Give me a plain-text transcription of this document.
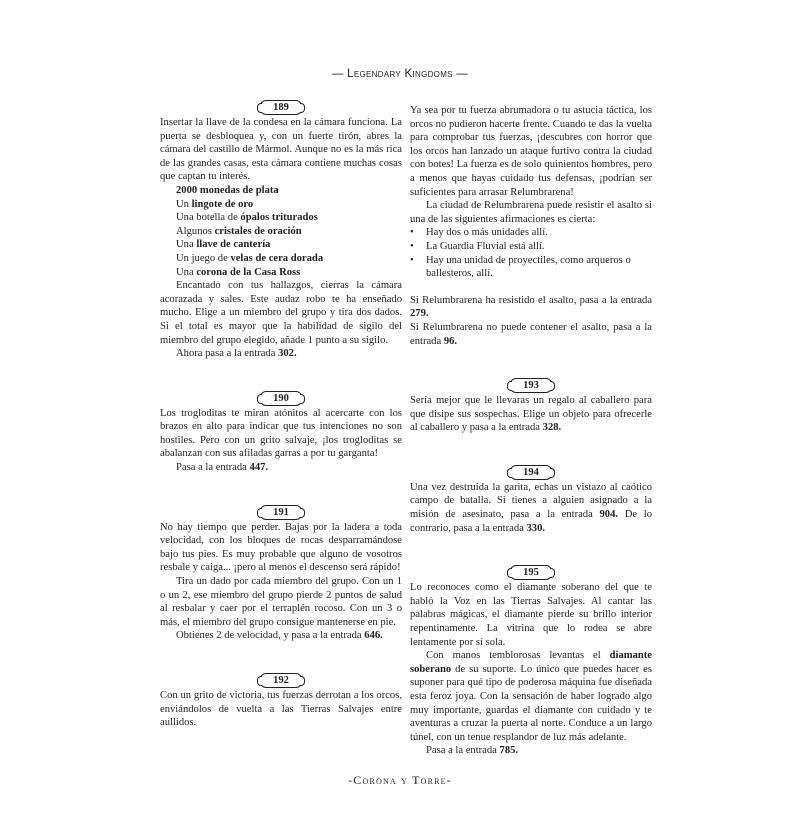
— Legendary Kingdoms —
189

Insertar la llave de la condesa en la cámara funciona. La puerta se desbloquea y, con un fuerte tirón, abres la cámara del castillo de Mármol. Aunque no es la más rica de las grandes casas, esta cámara contiene muchas cosas que captan tu interés.

2000 monedas de plata

Un lingote de oro

Una botella de ópalos triturados

Algunos cristales de oración

Una llave de cantería

Un juego de velas de cera dorada

Una corona de la Casa Ross

Encantado con tus hallazgos, cierras la cámara acorazada y sales. Este audaz robo te ha enseñado mucho. Elige a un miembro del grupo y tira dos dados. Si el total es mayor que la habilidad de sigilo del miembro del grupo elegido, añade 1 punto a su sigilo.

Ahora pasa a la entrada 302.

190

Los trogloditas te miran atónitos al acercarte con los brazos en alto para indicar que tus intenciones no son hostiles. Pero con un grito salvaje, ¡los trogloditas se abalanzan con sus afiladas garras a por tu garganta!

Pasa a la entrada 447.

191

No hay tiempo que perder. Bajas por la ladera a toda velocidad, con los bloques de rocas desparramándose bajo tus pies. Es muy probable que alguno de vosotros resbale y caiga... ¡pero al menos el descenso será rápido!

Tira un dado por cada miembro del grupo. Con un 1 o un 2, ese miembro del grupo pierde 2 puntos de salud al resbalar y caer por el terraplén rocoso. Con un 3 o más, el miembro del grupo consigue mantenerse en pie.

Obtienes 2 de velocidad, y pasa a la entrada 646.

192

Con un grito de victoria, tus fuerzas derrotan a los orcos, enviándolos de vuelta a las Tierras Salvajes entre aullidos.

Ya sea por tu fuerza abrumadora o tu astucia táctica, los orcos no pudieron hacerte frente. Cuando te das la vuelta para comprobar tus fuerzas, ¡descubres con horror que los orcos han lanzado un ataque furtivo contra la ciudad con botes! La fuerza es de solo quinientos hombres, pero a menos que hayas cuidado tus defensas, ¡podrían ser suficientes para arrasar Relumbrarena!

La ciudad de Relumbrarena puede resistir el asalto si una de las siguientes afirmaciones es cierta:

•	Hay dos o más unidades allí.
•	La Guardia Fluvial está allí.
•	Hay una unidad de proyectiles, como arqueros o ballesteros, allí.

Si Relumbrarena ha resistido el asalto, pasa a la entrada 279.

Si Relumbrarena no puede contener el asalto, pasa a la entrada 96.

193

Sería mejor que le llevaras un regalo al caballero para que disipe sus sospechas. Elige un objeto para ofrecerle al caballero y pasa a la entrada 328.

194

Una vez destruida la garita, echas un vistazo al caótico campo de batalla. Si tienes a alguien asignado a la misión de asesinato, pasa a la entrada 904. De lo contrario, pasa a la entrada 330.

195

Lo reconoces como el diamante soberano del que te habló la Voz en las Tierras Salvajes. Al cantar las palabras mágicas, el diamante pierde su brillo interior repentinamente. La vitrina que lo rodea se abre lentamente por sí sola.

Con manos temblorosas levantas el diamante soberano de su suporte. Lo único que puedes hacer es suponer para qué tipo de poderosa máquina fue diseñada esta feroz joya. Con la sensación de haber logrado algo muy importante, guardas el diamante con cuidado y te aventuras a cruzar la puerta al norte. Conduce a un largo túnel, con un tenue resplandor de luz más adelante.

Pasa a la entrada 785.

-Corona y Torre-
